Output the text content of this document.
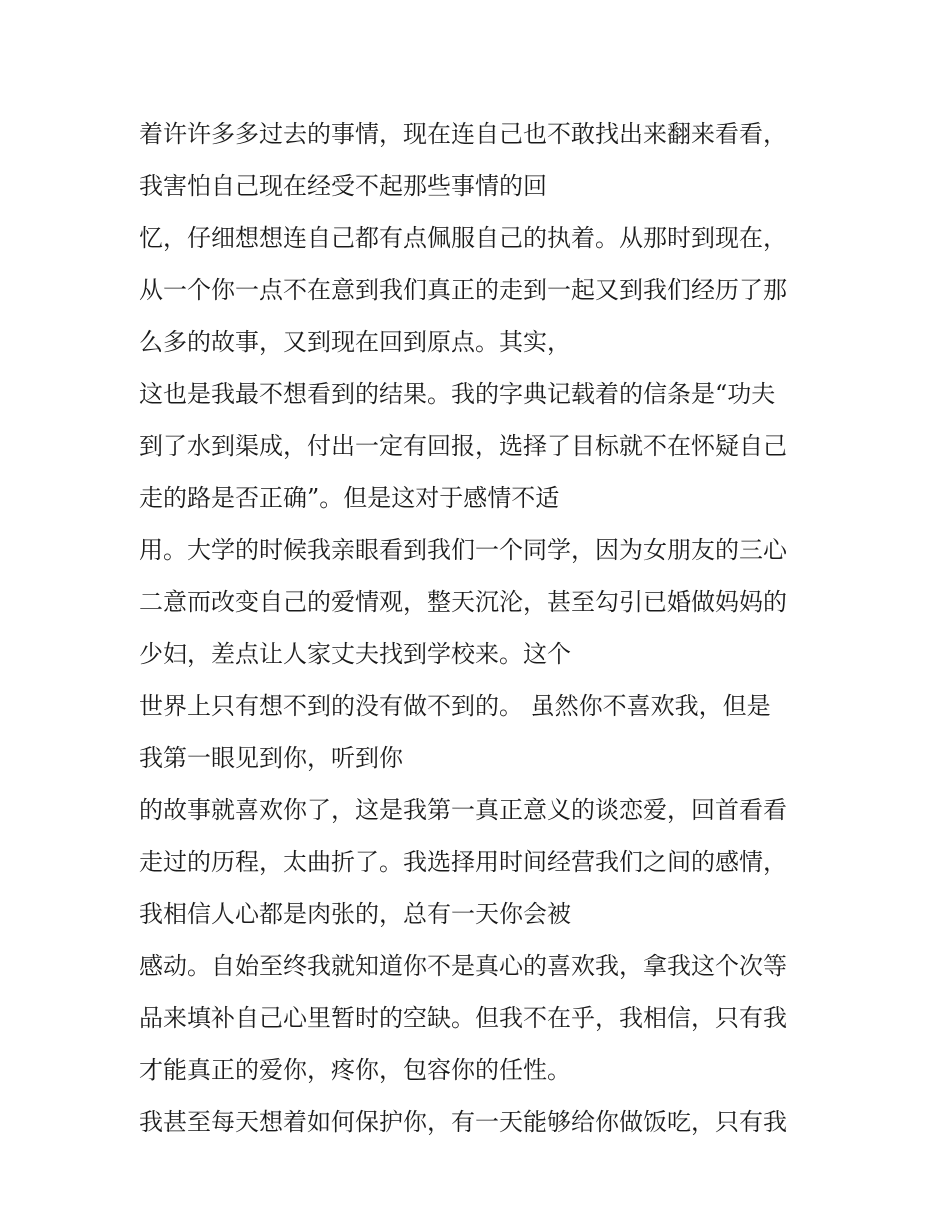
着许许多多过去的事情，现在连自己也不敢找出来翻来看看，
我害怕自己现在经受不起那些事情的回
忆，仔细想想连自己都有点佩服自己的执着。从那时到现在，
从一个你一点不在意到我们真正的走到一起又到我们经历了那
么多的故事，又到现在回到原点。其实，
这也是我最不想看到的结果。我的字典记载着的信条是“功夫
到了水到渠成，付出一定有回报，选择了目标就不在怀疑自己
走的路是否正确”。但是这对于感情不适
用。大学的时候我亲眼看到我们一个同学，因为女朋友的三心
二意而改变自己的爱情观，整天沉沦，甚至勾引已婚做妈妈的
少妇，差点让人家丈夫找到学校来。这个
世界上只有想不到的没有做不到的。 虽然你不喜欢我，但是
我第一眼见到你，听到你
的故事就喜欢你了，这是我第一真正意义的谈恋爱，回首看看
走过的历程，太曲折了。我选择用时间经营我们之间的感情，
我相信人心都是肉张的，总有一天你会被
感动。自始至终我就知道你不是真心的喜欢我，拿我这个次等
品来填补自己心里暂时的空缺。但我不在乎，我相信，只有我
才能真正的爱你，疼你，包容你的任性。
我甚至每天想着如何保护你，有一天能够给你做饭吃，只有我
